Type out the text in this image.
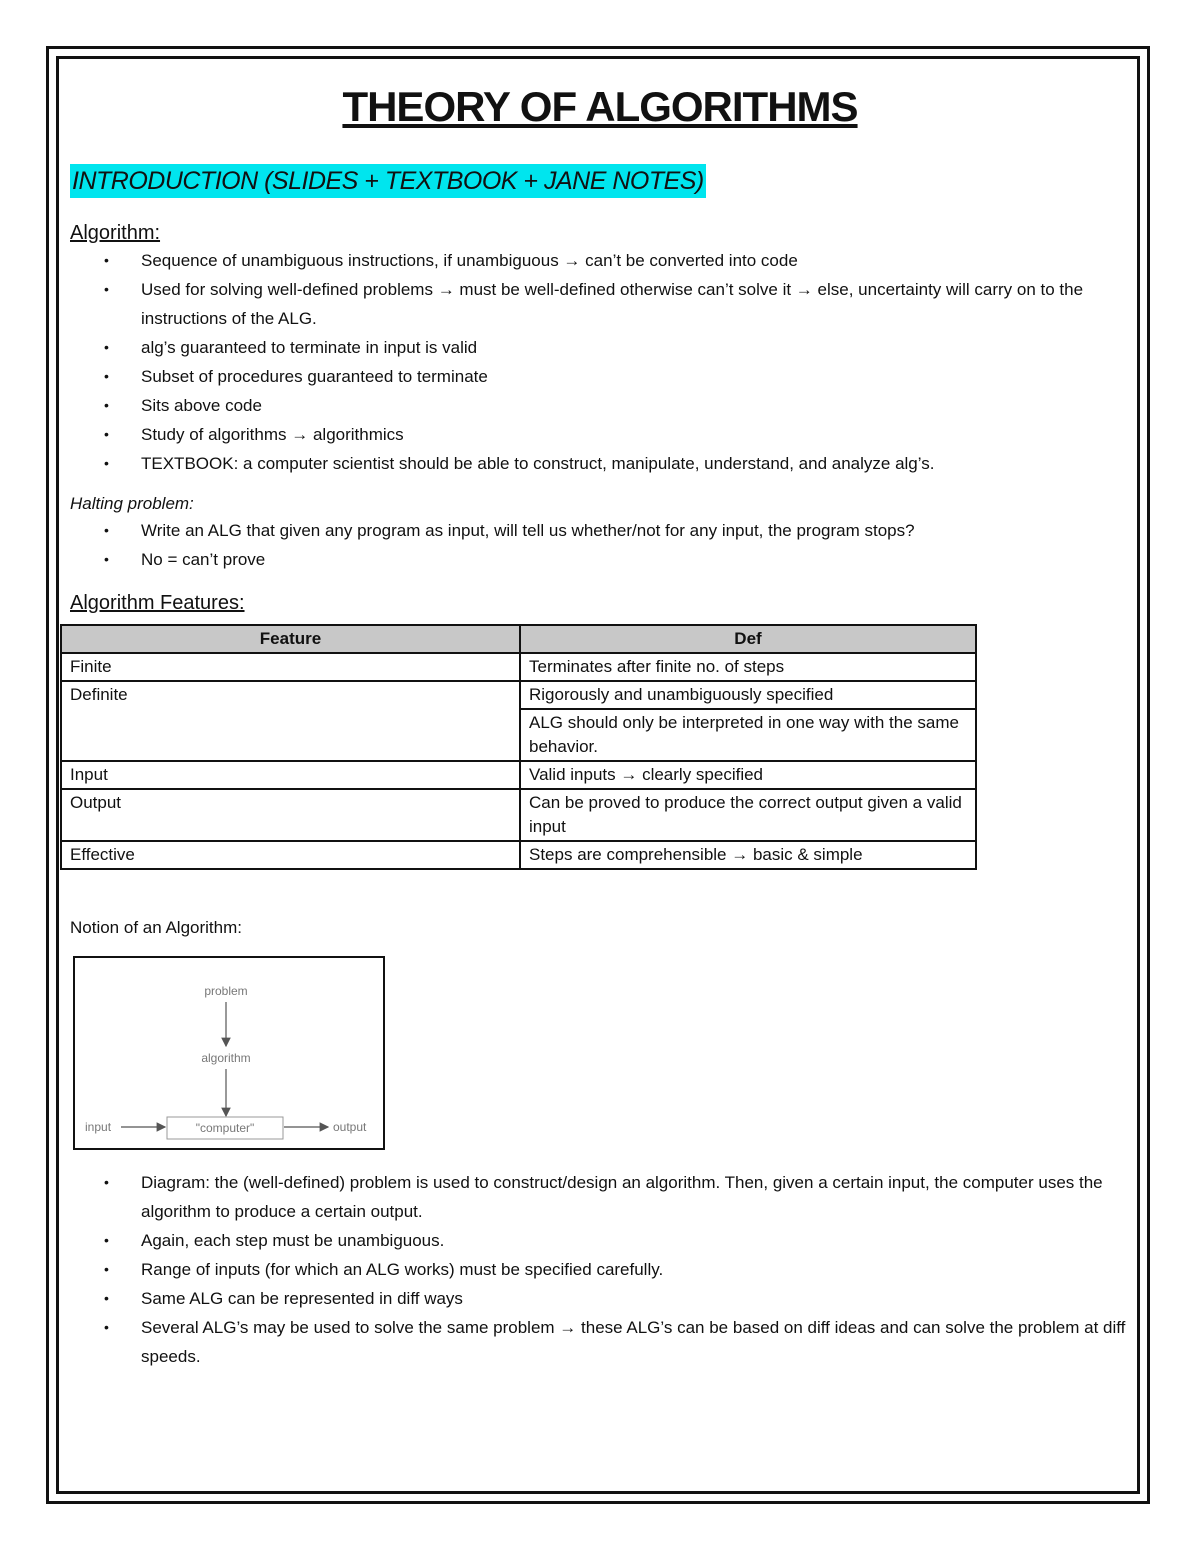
THEORY OF ALGORITHMS
INTRODUCTION (SLIDES + TEXTBOOK + JANE NOTES)

Algorithm:

• Sequence of unambiguous instructions, if unambiguous → can’t be converted into code
• Used for solving well-defined problems → must be well-defined otherwise can’t solve it → else, uncertainty will carry on to the instructions of the ALG.
• alg’s guaranteed to terminate in input is valid
• Subset of procedures guaranteed to terminate
• Sits above code
• Study of algorithms → algorithmics
• TEXTBOOK: a computer scientist should be able to construct, manipulate, understand, and analyze alg’s.

Halting problem:

• Write an ALG that given any program as input, will tell us whether/not for any input, the program stops?
• No = can’t prove

Algorithm Features:

Feature	Def
Finite	Terminates after finite no. of steps
Definite	Rigorously and unambiguously specified
	ALG should only be interpreted in one way with the same behavior.
Input	Valid inputs → clearly specified
Output	Can be proved to produce the correct output given a valid input
Effective	Steps are comprehensible → basic & simple

Notion of an Algorithm:

problem
algorithm
"computer"
input	output
• Diagram: the (well-defined) problem is used to construct/design an algorithm. Then, given a certain input, the computer uses the algorithm to produce a certain output.
• Again, each step must be unambiguous.
• Range of inputs (for which an ALG works) must be specified carefully.
• Same ALG can be represented in diff ways
• Several ALG’s may be used to solve the same problem → these ALG’s can be based on diff ideas and can solve the problem at diff speeds.
